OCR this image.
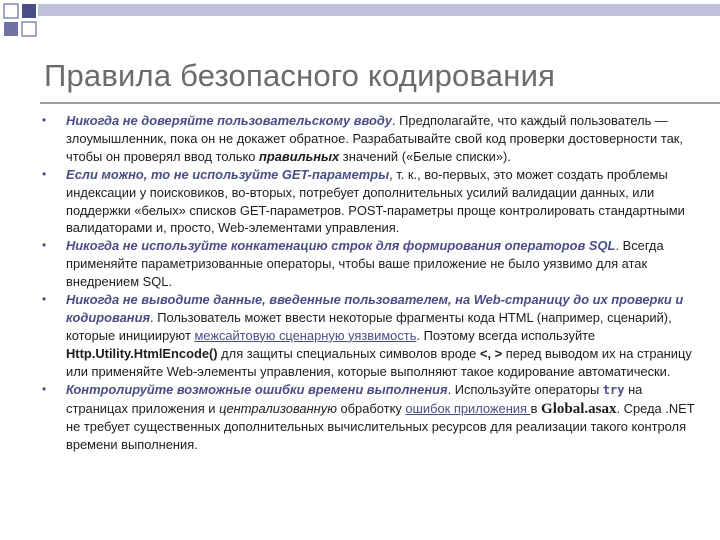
Правила безопасного кодирования
• Никогда не доверяйте пользовательскому вводу. Предполагайте, что каждый пользователь — злоумышленник, пока он не докажет обратное. Разрабатывайте свой код проверки достоверности так, чтобы он проверял ввод только правильных значений («Белые списки»).
• Если можно, то не используйте GET-параметры, т. к., во-первых, это может создать проблемы индексации у поисковиков, во-вторых, потребует дополнительных усилий валидации данных, или поддержки «белых» списков GET-параметров. POST-параметры проще контролировать стандартными валидаторами и, просто, Web-элементами управления.
• Никогда не используйте конкатенацию строк для формирования операторов SQL. Всегда применяйте параметризованные операторы, чтобы ваше приложение не было уязвимо для атак внедрением SQL.
• Никогда не выводите данные, введенные пользователем, на Web-страницу до их проверки и кодирования. Пользователь может ввести некоторые фрагменты кода HTML (например, сценарий), которые инициируют межсайтовую сценарную уязвимость. Поэтому всегда используйте Http.Utility.HtmlEncode() для защиты специальных символов вроде <, > перед выводом их на страницу или применяйте Web-элементы управления, которые выполняют такое кодирование автоматически.
• Контролируйте возможные ошибки времени выполнения. Используйте операторы try на страницах приложения и централизованную обработку ошибок приложения в Global.asax. Среда .NET не требует существенных дополнительных вычислительных ресурсов для реализации такого контроля времени выполнения.
